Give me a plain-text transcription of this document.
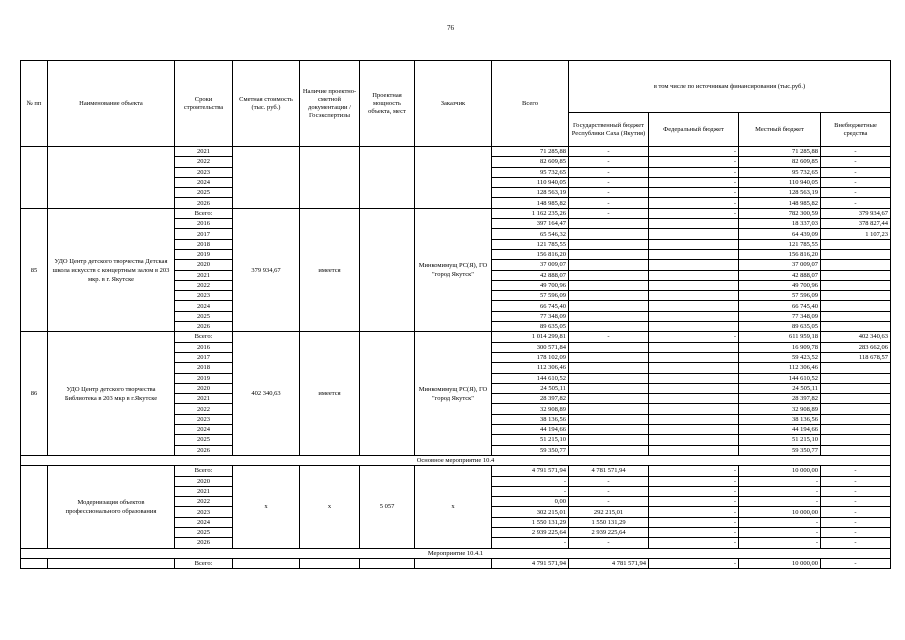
76
№ пп	Наименование объекта	Сроки строительства	Сметная стоимость (тыс. руб.)	Наличие проектно-сметной документации /Госэкспертизы	Проектная мощность объекта, мест	Заказчик	Всего	в том числе по источникам финансирования (тыс.руб.)			
								Государственный бюджет Республики Саха (Якутия)	Федеральный бюджет	Местный бюджет	Внебюджетные средства
		2021					71 285,88	-	-	71 285,88	-
		2022					82 609,85	-	-	82 609,85	-
		2023					95 732,65	-	-	95 732,65	-
		2024					110 940,05	-	-	110 940,05	-
		2025					128 563,19	-	-	128 563,19	-
		2026					148 985,82	-	-	148 985,82	-
85	УДО Центр детского творчества Детская школа искусств с концертным залом в 203 мкр. в г. Якутске	Всего:	379 934,67	имеется		Минкомимущ РС(Я), ГО "город Якутск"	1 162 235,26	-	-	782 300,59	379 934,67
		2016					397 164,47			18 337,03	378 827,44
		2017					65 546,32			64 439,09	1 107,23
		2018					121 785,55			121 785,55	
		2019					156 816,20			156 816,20	
		2020					37 009,07			37 009,07	
		2021					42 888,07			42 888,07	
		2022					49 700,96			49 700,96	
		2023					57 596,09			57 596,09	
		2024					66 745,40			66 745,40	
		2025					77 348,09			77 348,09	
		2026					89 635,05			89 635,05	
86	УДО Центр детского творчества Библиотека в 203 мкр в г.Якутске	Всего:	402 340,63	имеется		Минкомимущ РС(Я), ГО "город Якутск"	1 014 299,81	-	-	611 959,18	402 340,63
		2016					300 571,84			16 909,78	283 662,06
		2017					178 102,09			59 423,52	118 678,57
		2018					112 306,46			112 306,46	
		2019					144 610,52			144 610,52	
		2020					24 505,11			24 505,11	
		2021					28 397,82			28 397,82	
		2022					32 908,89			32 908,89	
		2023					38 136,56			38 136,56	
		2024					44 194,66			44 194,66	
		2025					51 215,10			51 215,10	
		2026					59 350,77			59 350,77	
Основное мероприятие 10.4											
	Модернизация объектов профессионального образования	Всего:	x	x	5 057	x	4 791 571,94	4 781 571,94	-	10 000,00	-
		2020					-	-	-	-	-
		2021					-	-	-	-	-
		2022					0,00	-	-	-	-
		2023					302 215,01	292 215,01	-	10 000,00	-
		2024					1 550 131,29	1 550 131,29	-	-	-
		2025					2 939 225,64	2 939 225,64	-	-	-
		2026					-	-	-	-	-
Мероприятие 10.4.1											
		Всего:					4 791 571,94	4 781 571,94	-	10 000,00	-
